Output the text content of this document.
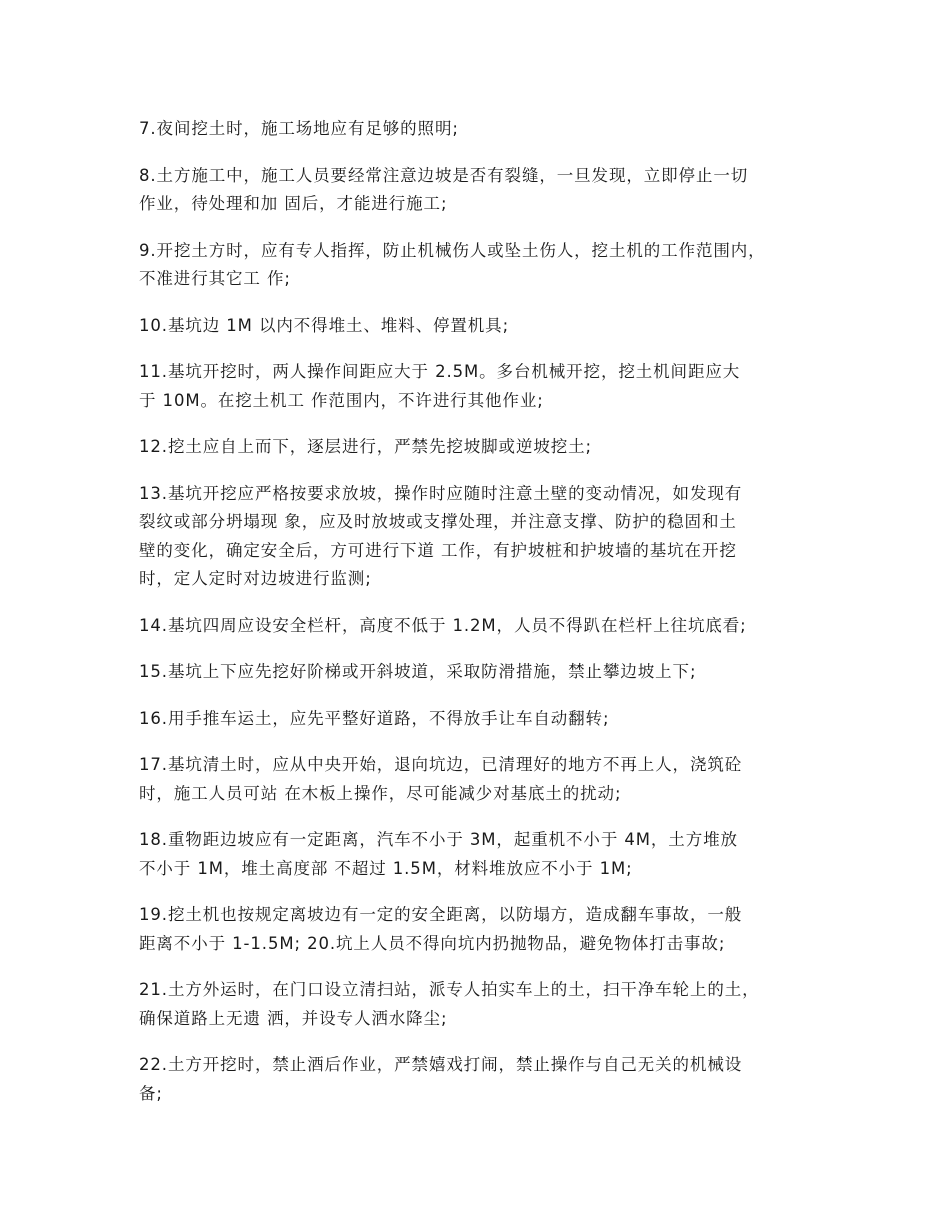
7.夜间挖土时，施工场地应有足够的照明;

8.土方施工中，施工人员要经常注意边坡是否有裂缝，一旦发现，立即停止一切
作业，待处理和加 固后，才能进行施工;

9.开挖土方时，应有专人指挥，防止机械伤人或坠土伤人，挖土机的工作范围内，
不准进行其它工 作;

10.基坑边 1M 以内不得堆土、堆料、停置机具;

11.基坑开挖时，两人操作间距应大于 2.5M。多台机械开挖，挖土机间距应大
于 10M。在挖土机工 作范围内，不许进行其他作业;

12.挖土应自上而下，逐层进行，严禁先挖坡脚或逆坡挖土;

13.基坑开挖应严格按要求放坡，操作时应随时注意土壁的变动情况，如发现有
裂纹或部分坍塌现 象，应及时放坡或支撑处理，并注意支撑、防护的稳固和土
壁的变化，确定安全后，方可进行下道 工作，有护坡桩和护坡墙的基坑在开挖
时，定人定时对边坡进行监测;

14.基坑四周应设安全栏杆，高度不低于 1.2M，人员不得趴在栏杆上往坑底看;

15.基坑上下应先挖好阶梯或开斜坡道，采取防滑措施，禁止攀边坡上下;

16.用手推车运土，应先平整好道路，不得放手让车自动翻转;

17.基坑清土时，应从中央开始，退向坑边，已清理好的地方不再上人，浇筑砼
时，施工人员可站 在木板上操作，尽可能减少对基底土的扰动;

18.重物距边坡应有一定距离，汽车不小于 3M，起重机不小于 4M，土方堆放
不小于 1M，堆土高度部 不超过 1.5M，材料堆放应不小于 1M;

19.挖土机也按规定离坡边有一定的安全距离，以防塌方，造成翻车事故，一般
距离不小于 1-1.5M; 20.坑上人员不得向坑内扔抛物品，避免物体打击事故;

21.土方外运时，在门口设立清扫站，派专人拍实车上的土，扫干净车轮上的土，
确保道路上无遗 洒，并设专人洒水降尘;

22.土方开挖时，禁止酒后作业，严禁嬉戏打闹，禁止操作与自己无关的机械设
备;
